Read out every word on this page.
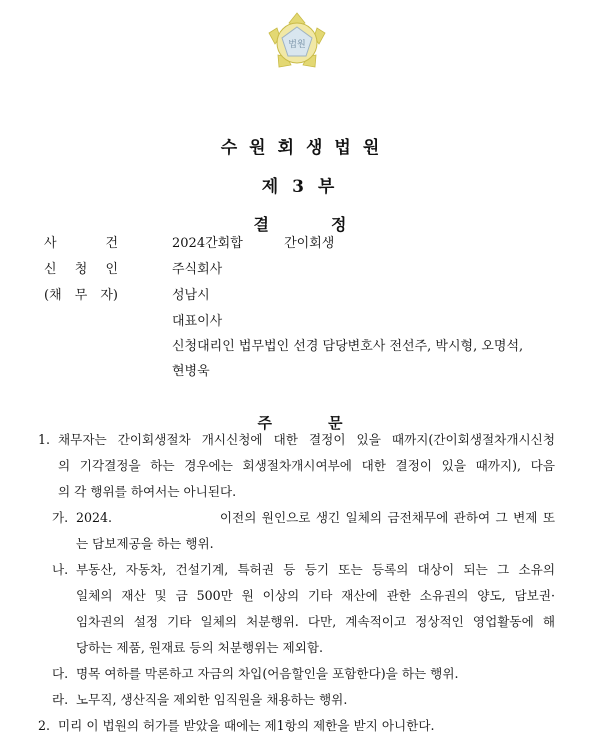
법원
수원회생법원
제 3 부
결정
사	건	2024간회합          간이회생
신 청 인	주식회사
(채 무 자)	성남시
대표이사
신청대리인 법무법인 선경 담당변호사 전선주, 박시형, 오명석,
현병욱
주문
1. 채무자는 간이회생절차 개시신청에 대한 결정이 있을 때까지(간이회생절차개시신청
의 기각결정을 하는 경우에는 회생절차개시여부에 대한 결정이 있을 때까지), 다음
의 각 행위를 하여서는 아니된다.
가. 2024.                    이전의 원인으로 생긴 일체의 금전채무에 관하여 그 변제 또
는 담보제공을 하는 행위.
나. 부동산, 자동차, 건설기계, 특허권 등 등기 또는 등록의 대상이 되는 그 소유의
일체의 재산 및 금 500만 원 이상의 기타 재산에 관한 소유권의 양도, 담보권·
임차권의 설정 기타 일체의 처분행위. 다만, 계속적이고 정상적인 영업활동에 해
당하는 제품, 원재료 등의 처분행위는 제외함.
다. 명목 여하를 막론하고 자금의 차입(어음할인을 포함한다)을 하는 행위.
라. 노무직, 생산직을 제외한 임직원을 채용하는 행위.
2. 미리 이 법원의 허가를 받았을 때에는 제1항의 제한을 받지 아니한다.
